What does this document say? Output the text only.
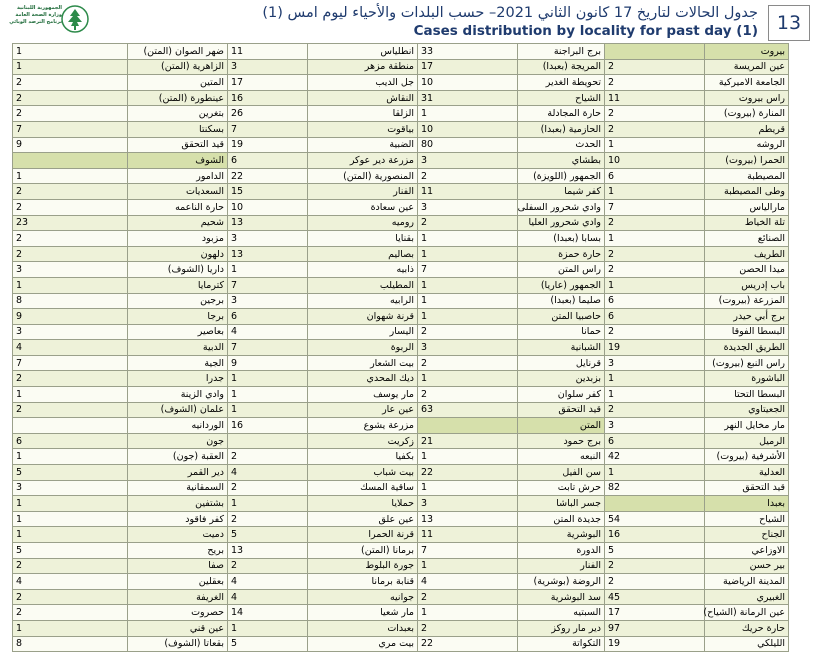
الجمهورية اللبنانية
وزارة الصحة العامة
برنامج الترصد الوبائي
جدول الحالات لتاريخ 17 كانون الثاني 2021– حسب البلدات والأحياء ليوم امس (1)
Cases distribution by locality for past day (1) 13
1	ضهر الصوان (المتن)	11	انطلياس	33	برج البراجنة		بيروت
1	الزاهرية (المتن)	3	منطقة مزهر	17	المريجة (بعبدا)	2	عين المريسة
2	المتين	17	جل الديب	10	تحويطة الغدير	2	الجامعة الاميركية
2	عينطورة (المتن)	16	النقاش	31	الشياح	11	راس بيروت
2	بتغرين	26	الزلقا	1	حارة المجادلة	2	المنارة (بيروت)
7	بسكنتا	7	بياقوت	10	الحازمية (بعبدا)	2	قريطم
9	قيد التحقق	19	الضبية	80	الحدث	1	الروشه
	الشوف	6	مزرعة دير عوكر	3	بطشاي	10	الحمرا (بيروت)
1	الدامور	22	المنصورية (المتن)	2	الجمهور (اللويزة)	6	المصيطبة
2	السعديات	15	الفنار	11	كفر شيما	1	وطى المصيطبة
2	حارة الناعمه	10	عين سعادة	3	وادي شحرور السفلى	7	مارالياس
23	شحيم	13	روميه	2	وادي شحرور العليا	2	تلة الخياط
2	مزبود	3	بقنايا	1	بسابا (بعبدا)	1	الصنائع
2	دلهون	13	بصاليم	1	حارة حمزة	2	الطريف
3	داريا (الشوف)	1	ذابيه	7	راس المتن	2	ميدا الحصن
1	كترمايا	7	المطيلب	1	الجمهور (عاريا)	1	باب إدريس
8	برجين	3	الرابيه	1	صليما (بعبدا)	6	المزرعة (بيروت)
9	برجا	6	قرنة شهوان	1	حاصبيا المتن	6	برج أبي حيدر
3	بعاصير	4	اليسار	2	حمانا	2	البسطا الفوقا
4	الدبية	7	الربوة	3	الشبانية	19	الطريق الجديدة
7	الجية	9	بيت الشعار	2	قرنايل	3	راس النبع (بيروت)
2	جدرا	1	ديك المحدي	1	بزبدين	1	الباشورة
1	وادي الزينة	1	مار يوسف	2	كفر سلوان	1	البسطا التحتا
2	علمان (الشوف)	1	عين عار	63	قيد التحقق	2	الجعيتاوي
	الوردانيه	16	مزرعة يشوع		المتن	3	مار مخايل النهر
6	جون		زكريت	21	برج حمود	6	الرميل
1	العقبة (جون)	2	بكفيا	1	النبعه	42	الأشرفية (بيروت)
5	دير القمر	4	بيت شباب	22	سن الفيل	1	العدلية
3	السمقانية	2	ساقية المسك	1	حرش تابت	82	قيد التحقق
1	بشتفين	1	حملايا	3	جسر الباشا		بعبدا
1	كفر فاقود	2	عين علق	13	جديدة المتن	54	الشياح
1	دميت	5	قرنة الحمرا	11	البوشرية	16	الجناح
5	بريح	13	برمانا (المتن)	7	الدورة	5	الاوزاعي
2	صفا	2	جورة البلوط	1	الفنار	2	بير حسن
4	بعقلين	4	قنابة برمانا	4	الروضة (بوشرية)	2	المدينة الرياضية
2	الغريفة	4	جوانيه	2	سد البوشرية	45	الغبيري
2	حصروت	14	مار شعيا	1	السبتيه	17	عين الرمانة (الشياح)
1	عين قني	1	بعبدات	2	دير مار روكز	97	حارة حريك
8	بقعاتا (الشوف)	5	بيت مري	22	التكواتة	19	الليلكي
